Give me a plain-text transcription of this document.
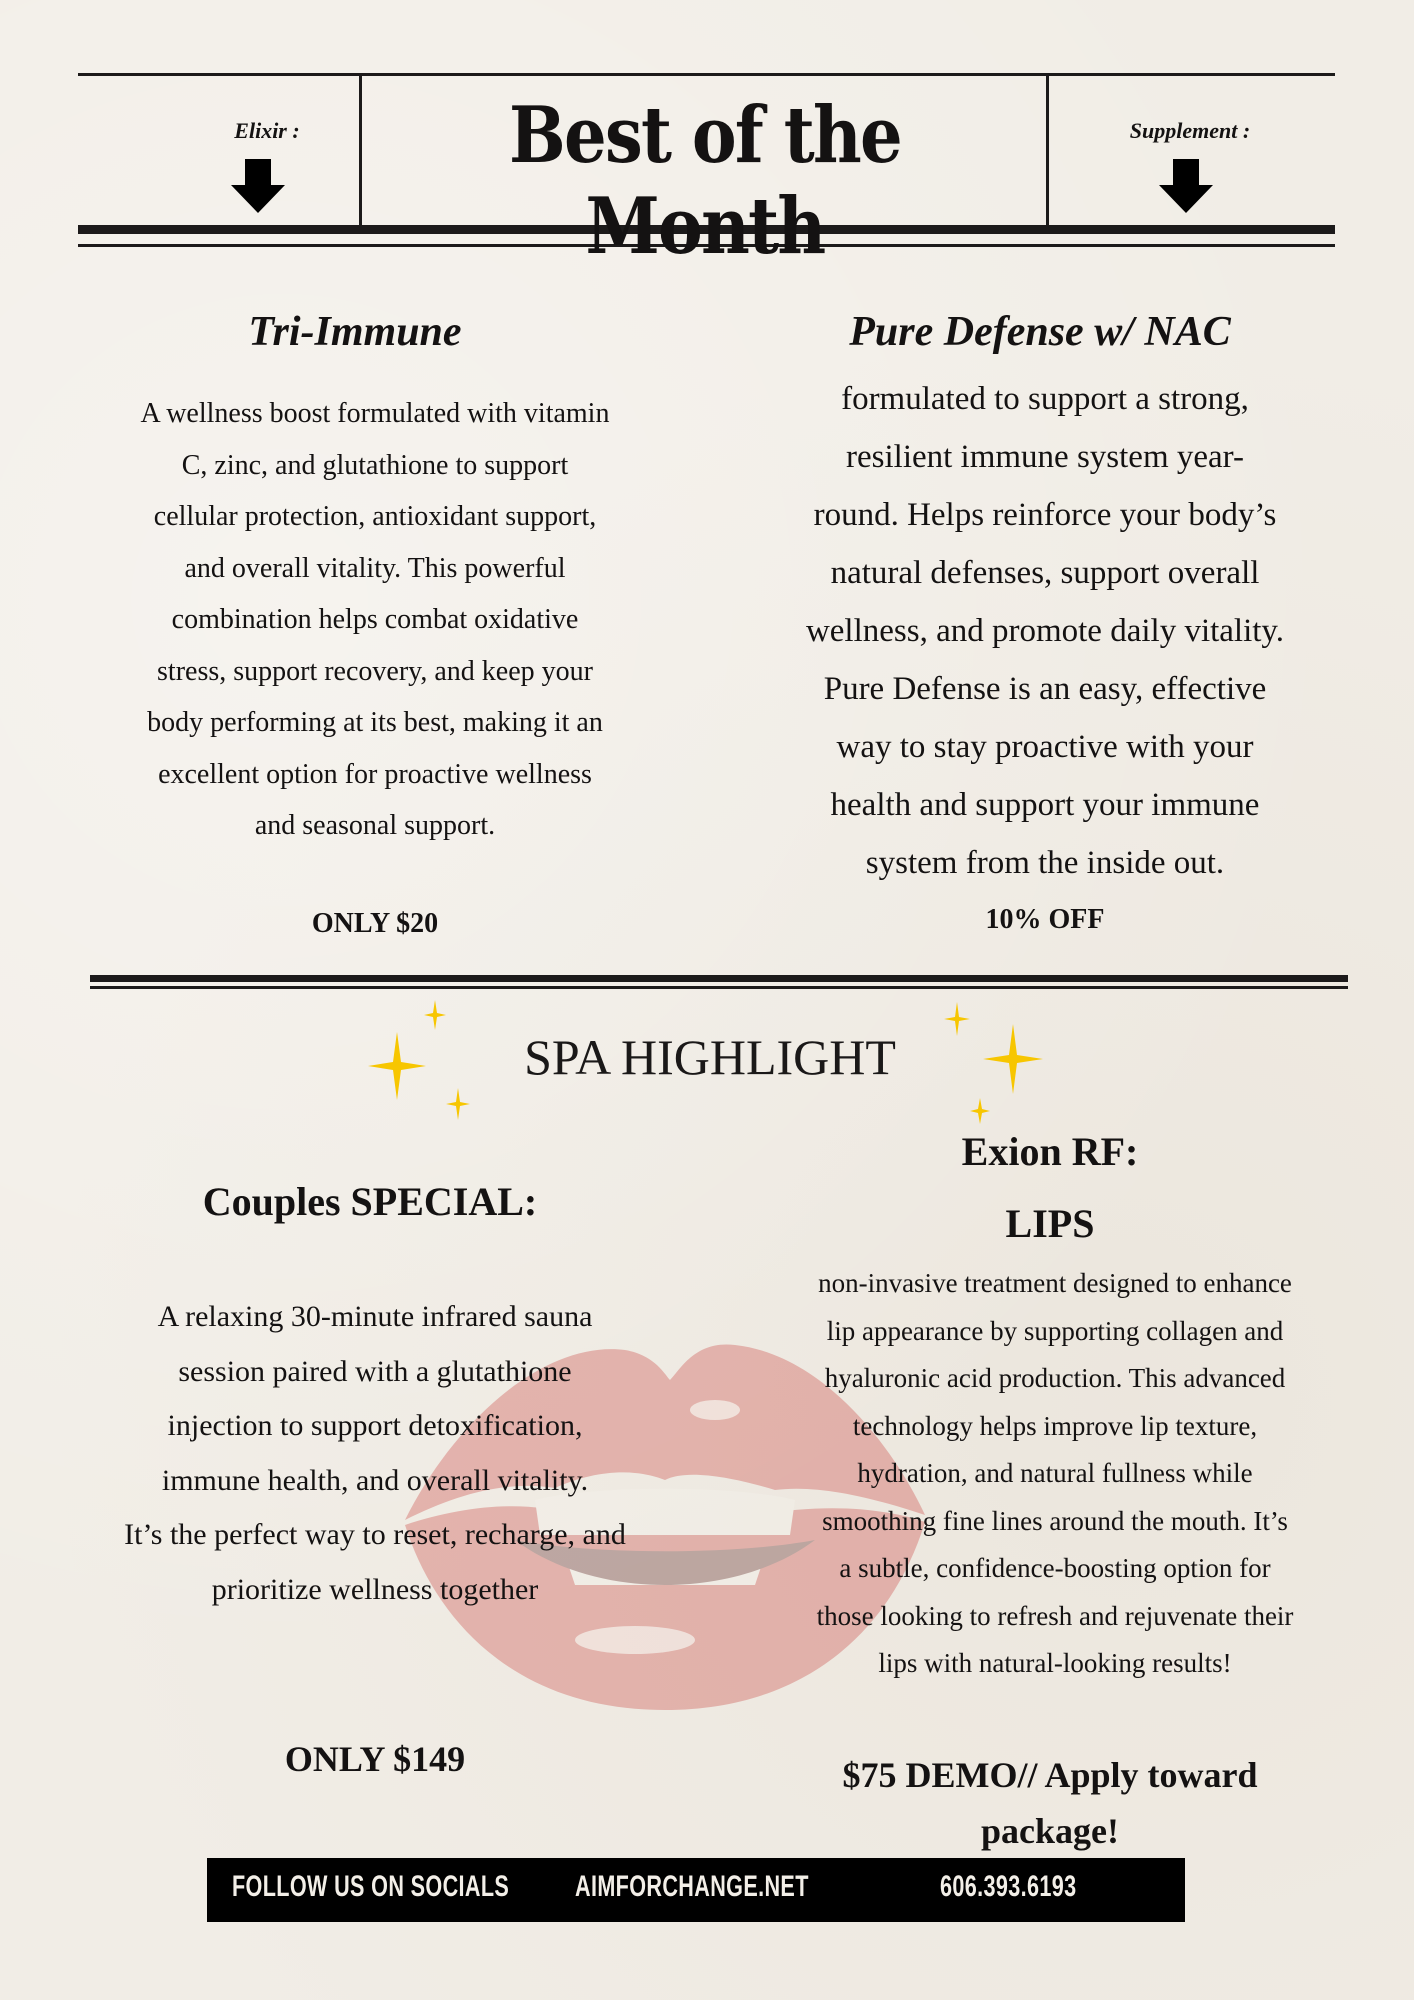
Elixir :	Best of the Month
Supplement :
Tri-Immune
A wellness boost formulated with vitamin
C, zinc, and glutathione to support
cellular protection, antioxidant support,
and overall vitality. This powerful
combination helps combat oxidative
stress, support recovery, and keep your
body performing at its best, making it an
excellent option for proactive wellness
and seasonal support.
ONLY $20
Pure Defense w/ NAC
formulated to support a strong,
resilient immune system year-
round. Helps reinforce your body’s
natural defenses, support overall
wellness, and promote daily vitality.
Pure Defense is an easy, effective
way to stay proactive with your
health and support your immune
system from the inside out.
10% OFF
SPA HIGHLIGHT
Couples SPECIAL:
A relaxing 30-minute infrared sauna
session paired with a glutathione
injection to support detoxification,
immune health, and overall vitality.
It’s the perfect way to reset, recharge, and
prioritize wellness together
ONLY $149
Exion RF:
LIPS
non-invasive treatment designed to enhance
lip appearance by supporting collagen and
hyaluronic acid production. This advanced
technology helps improve lip texture,
hydration, and natural fullness while
smoothing fine lines around the mouth. It’s
a subtle, confidence-boosting option for
those looking to refresh and rejuvenate their
lips with natural-looking results!
$75 DEMO// Apply toward
package!
FOLLOW US ON SOCIALS AIMFORCHANGE.NET	606.393.6193
